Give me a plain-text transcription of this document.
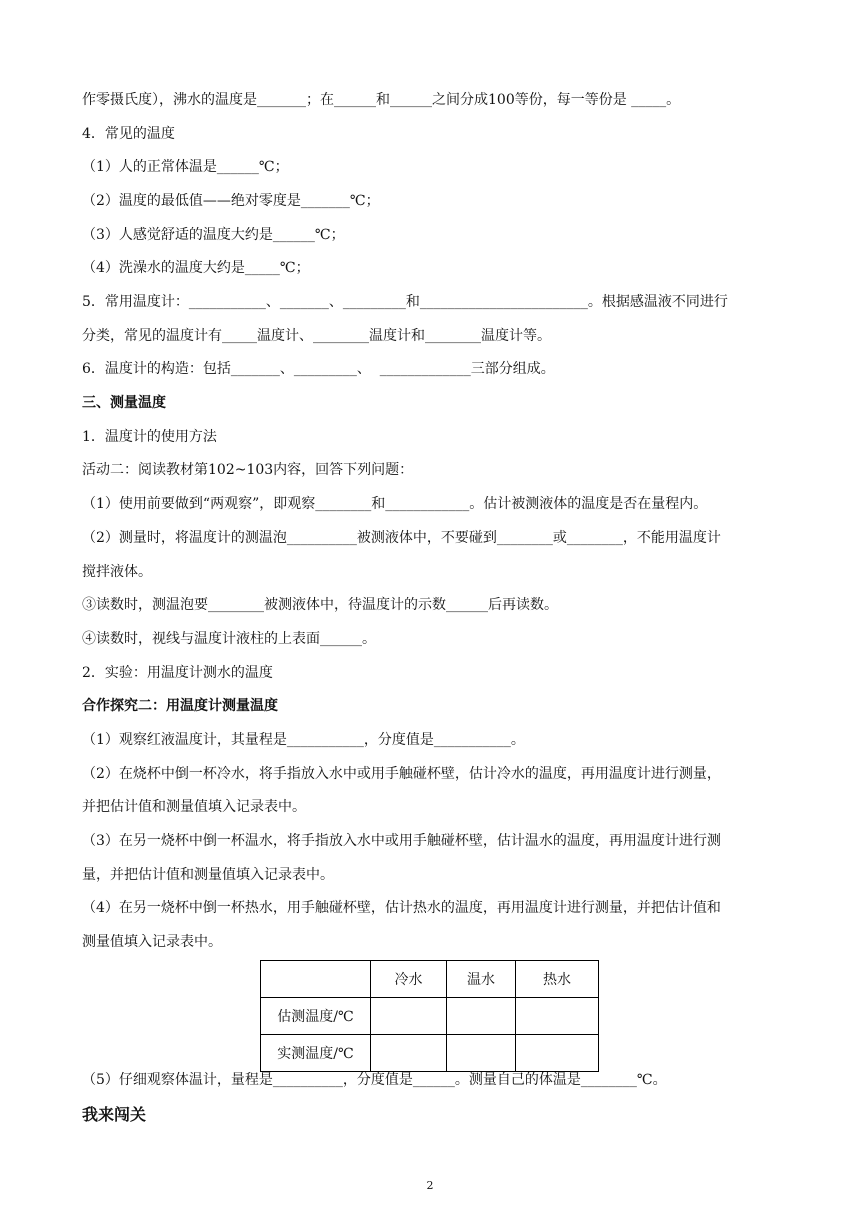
作零摄氏度），沸水的温度是_______；在______和______之间分成100等份，每一等份是 _____。
4．常见的温度
（1）人的正常体温是______℃；
（2）温度的最低值——绝对零度是_______℃；
（3）人感觉舒适的温度大约是______℃；
（4）洗澡水的温度大约是_____℃；
5．常用温度计：___________、_______、_________和________________________。根据感温液不同进行
分类，常见的温度计有_____温度计、________温度计和________温度计等。
6．温度计的构造：包括_______、_________、  _____________三部分组成。
三、测量温度
1．温度计的使用方法
活动二：阅读教材第102~103内容，回答下列问题：
（1）使用前要做到“两观察”，即观察________和____________。估计被测液体的温度是否在量程内。
（2）测量时，将温度计的测温泡__________被测液体中，不要碰到________或________，不能用温度计
搅拌液体。
③读数时，测温泡要________被测液体中，待温度计的示数______后再读数。
④读数时，视线与温度计液柱的上表面______。
2．实验：用温度计测水的温度
合作探究二：用温度计测量温度
（1）观察红液温度计，其量程是___________，分度值是___________。
（2）在烧杯中倒一杯冷水，将手指放入水中或用手触碰杯壁，估计冷水的温度，再用温度计进行测量，
并把估计值和测量值填入记录表中。
（3）在另一烧杯中倒一杯温水，将手指放入水中或用手触碰杯壁，估计温水的温度，再用温度计进行测
量，并把估计值和测量值填入记录表中。
（4）在另一烧杯中倒一杯热水，用手触碰杯壁，估计热水的温度，再用温度计进行测量，并把估计值和
测量值填入记录表中。
	冷水	温水	热水
估测温度/℃			
实测温度/℃			
（5）仔细观察体温计，量程是__________，分度值是______。测量自己的体温是________℃。
我来闯关
2
